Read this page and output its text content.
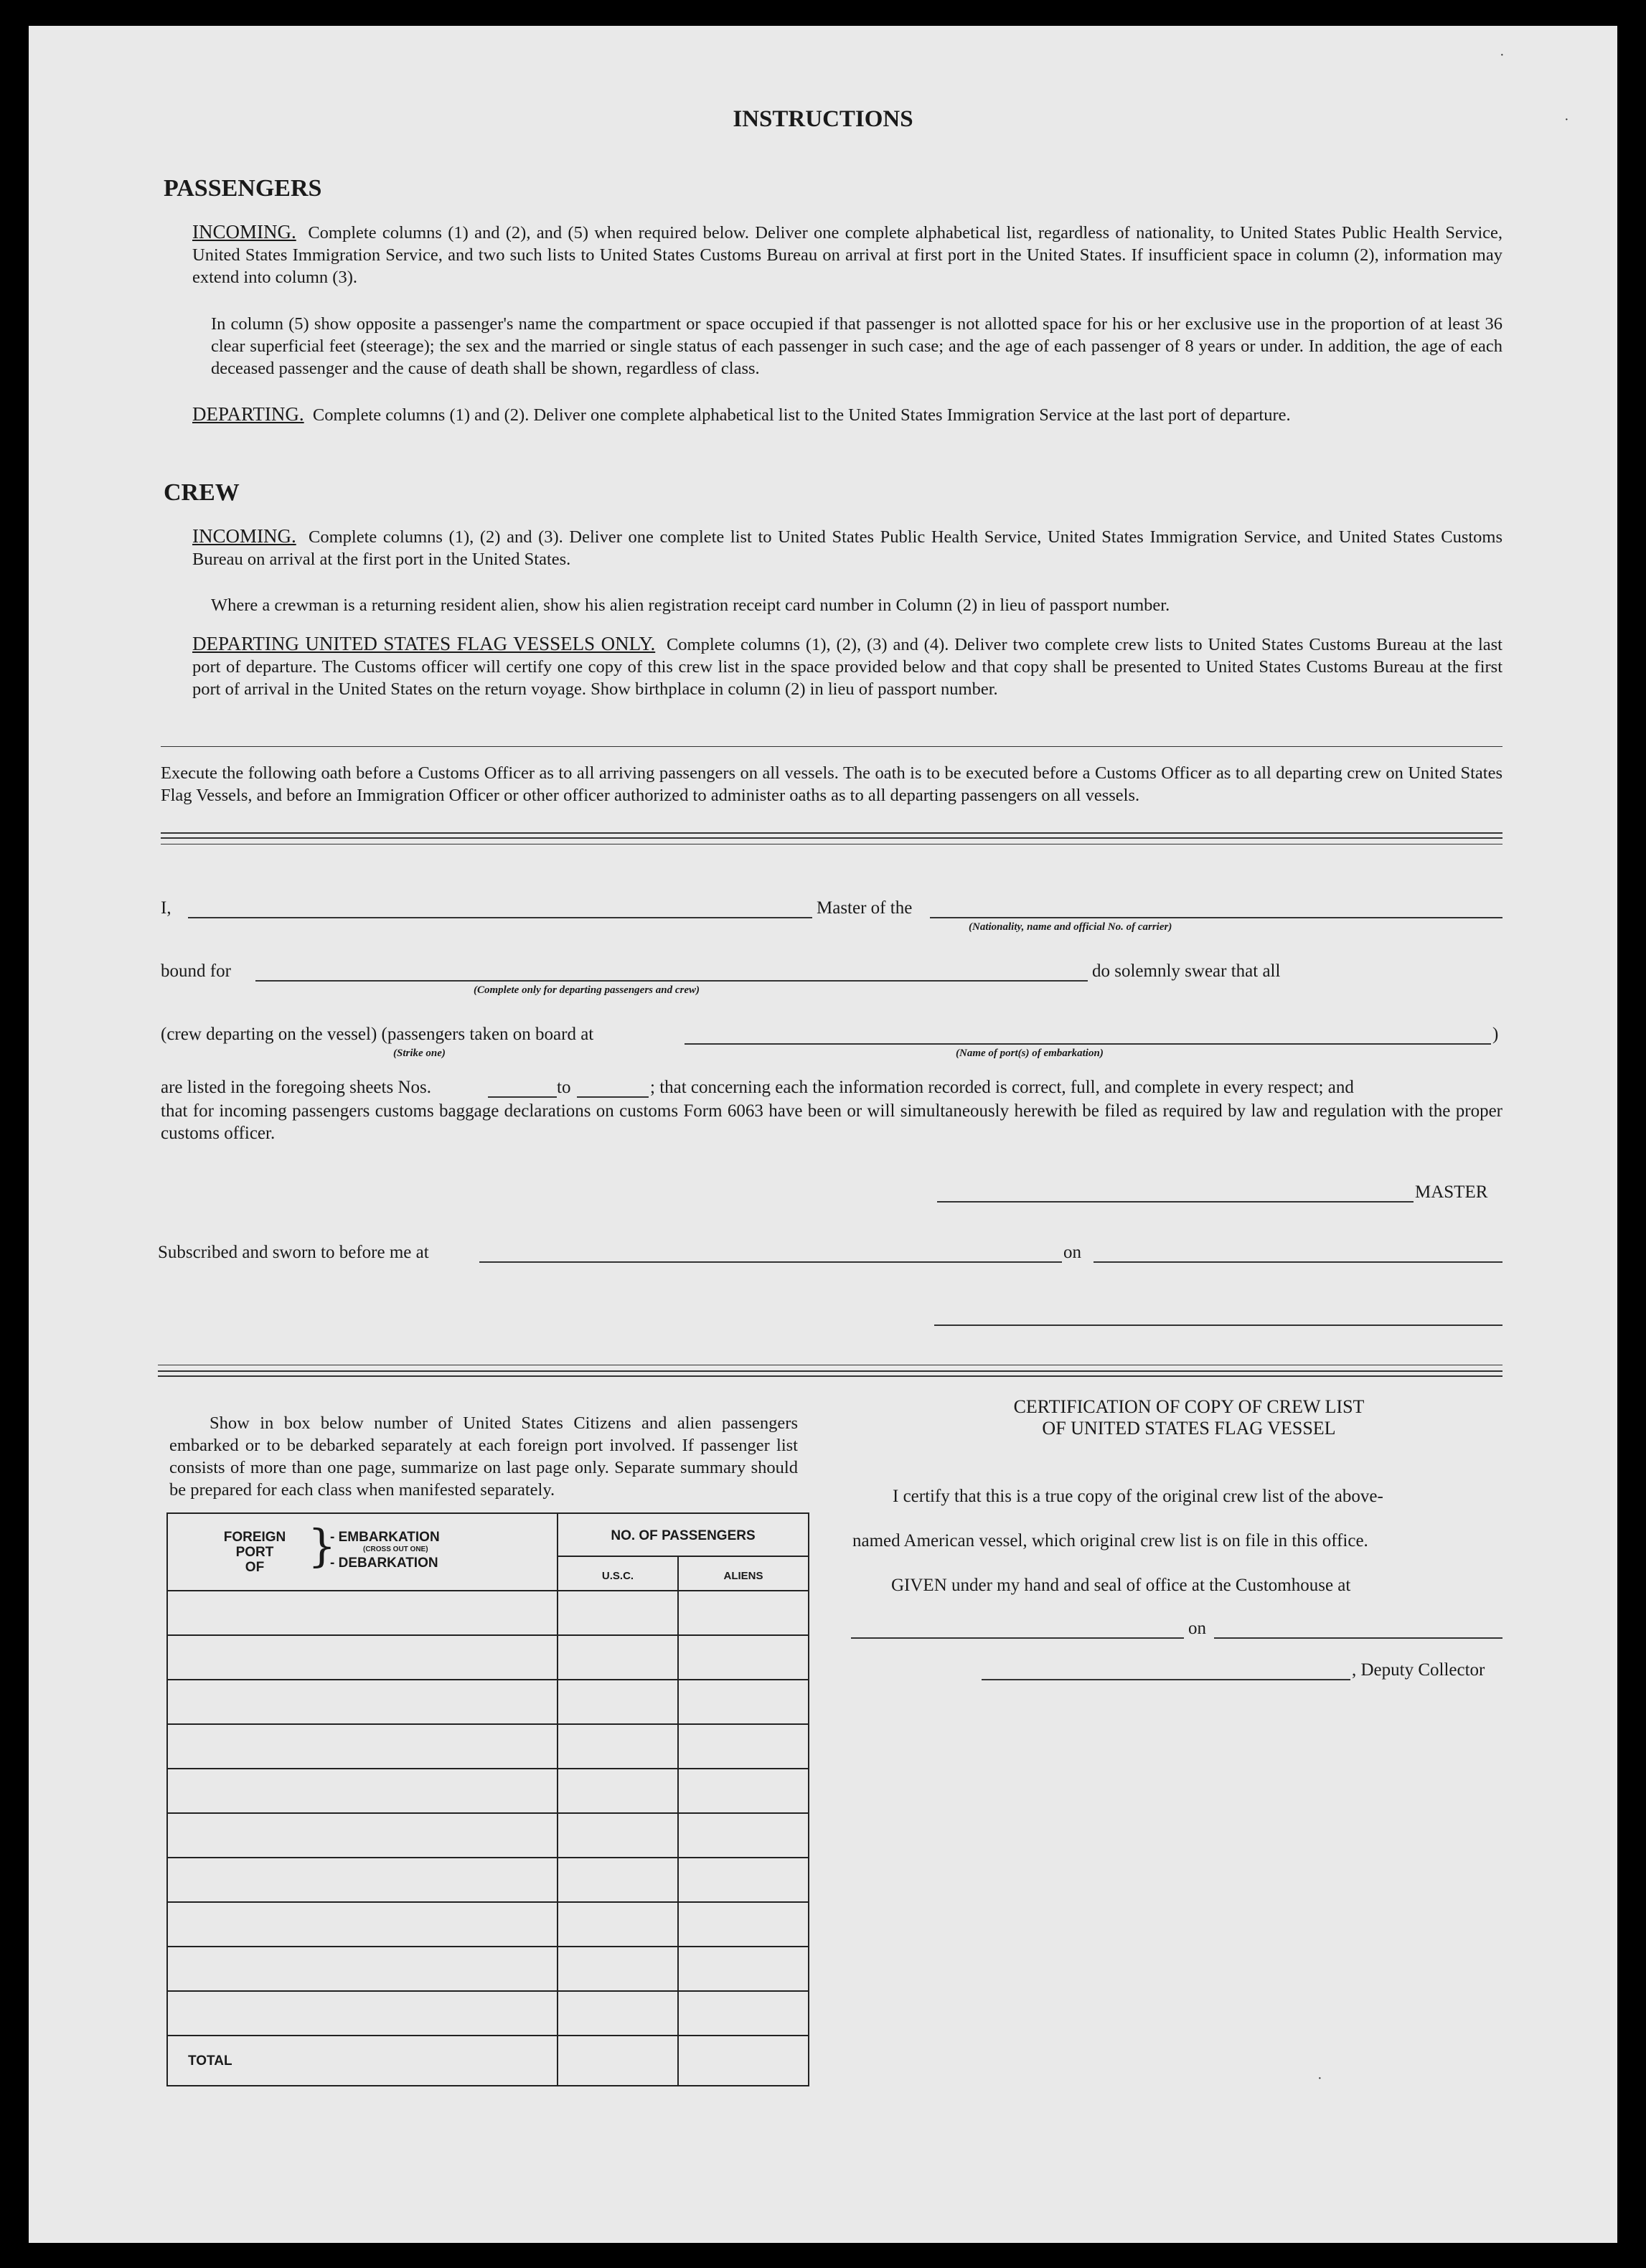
INSTRUCTIONS
PASSENGERS
INCOMING. Complete columns (1) and (2), and (5) when required below. Deliver one complete alphabetical list, regardless of nationality, to United States Public Health Service, United States Immigration Service, and two such lists to United States Customs Bureau on arrival at first port in the United States. If insufficient space in column (2), information may extend into column (3).
In column (5) show opposite a passenger's name the compartment or space occupied if that passenger is not allotted space for his or her exclusive use in the proportion of at least 36 clear superficial feet (steerage); the sex and the married or single status of each passenger in such case; and the age of each passenger of 8 years or under. In addition, the age of each deceased passenger and the cause of death shall be shown, regardless of class.
DEPARTING. Complete columns (1) and (2). Deliver one complete alphabetical list to the United States Immigration Service at the last port of departure.
CREW
INCOMING. Complete columns (1), (2) and (3). Deliver one complete list to United States Public Health Service, United States Immigration Service, and United States Customs Bureau on arrival at the first port in the United States.
Where a crewman is a returning resident alien, show his alien registration receipt card number in Column (2) in lieu of passport number.
DEPARTING UNITED STATES FLAG VESSELS ONLY. Complete columns (1), (2), (3) and (4). Deliver two complete crew lists to United States Customs Bureau at the last port of departure. The Customs officer will certify one copy of this crew list in the space provided below and that copy shall be presented to United States Customs Bureau at the first port of arrival in the United States on the return voyage. Show birthplace in column (2) in lieu of passport number.
Execute the following oath before a Customs Officer as to all arriving passengers on all vessels. The oath is to be executed before a Customs Officer as to all departing crew on United States Flag Vessels, and before an Immigration Officer or other officer authorized to administer oaths as to all departing passengers on all vessels.
I,	Master of the
(Nationality, name and official No. of carrier)
bound for
(Complete only for departing passengers and crew)
do solemnly swear that all
(crew departing on the vessel) (passengers taken on board at
(Strike one)
)
(Name of port(s) of embarkation)
are listed in the foregoing sheets Nos.	to	; that concerning each the information recorded is correct, full, and complete in every respect; and
that for incoming passengers customs baggage declarations on customs Form 6063 have been or will simultaneously herewith be filed as required by law and regulation with the proper customs officer.
MASTER
Subscribed and sworn to before me at	on
Show in box below number of United States Citizens and alien passengers embarked or to be debarked separately at each foreign port involved. If passenger list consists of more than one page, summarize on last page only. Separate summary should be prepared for each class when manifested separately.
FOREIGN
PORT
OF }
- EMBARKATION
(CROSS OUT ONE)
- DEBARKATION
NO. OF PASSENGERS
U.S.C.	ALIENS
TOTAL
CERTIFICATION OF COPY OF CREW LIST
OF UNITED STATES FLAG VESSEL
I certify that this is a true copy of the original crew list of the above-
named American vessel, which original crew list is on file in this office.
GIVEN under my hand and seal of office at the Customhouse at
on
, Deputy Collector
·
·
·
